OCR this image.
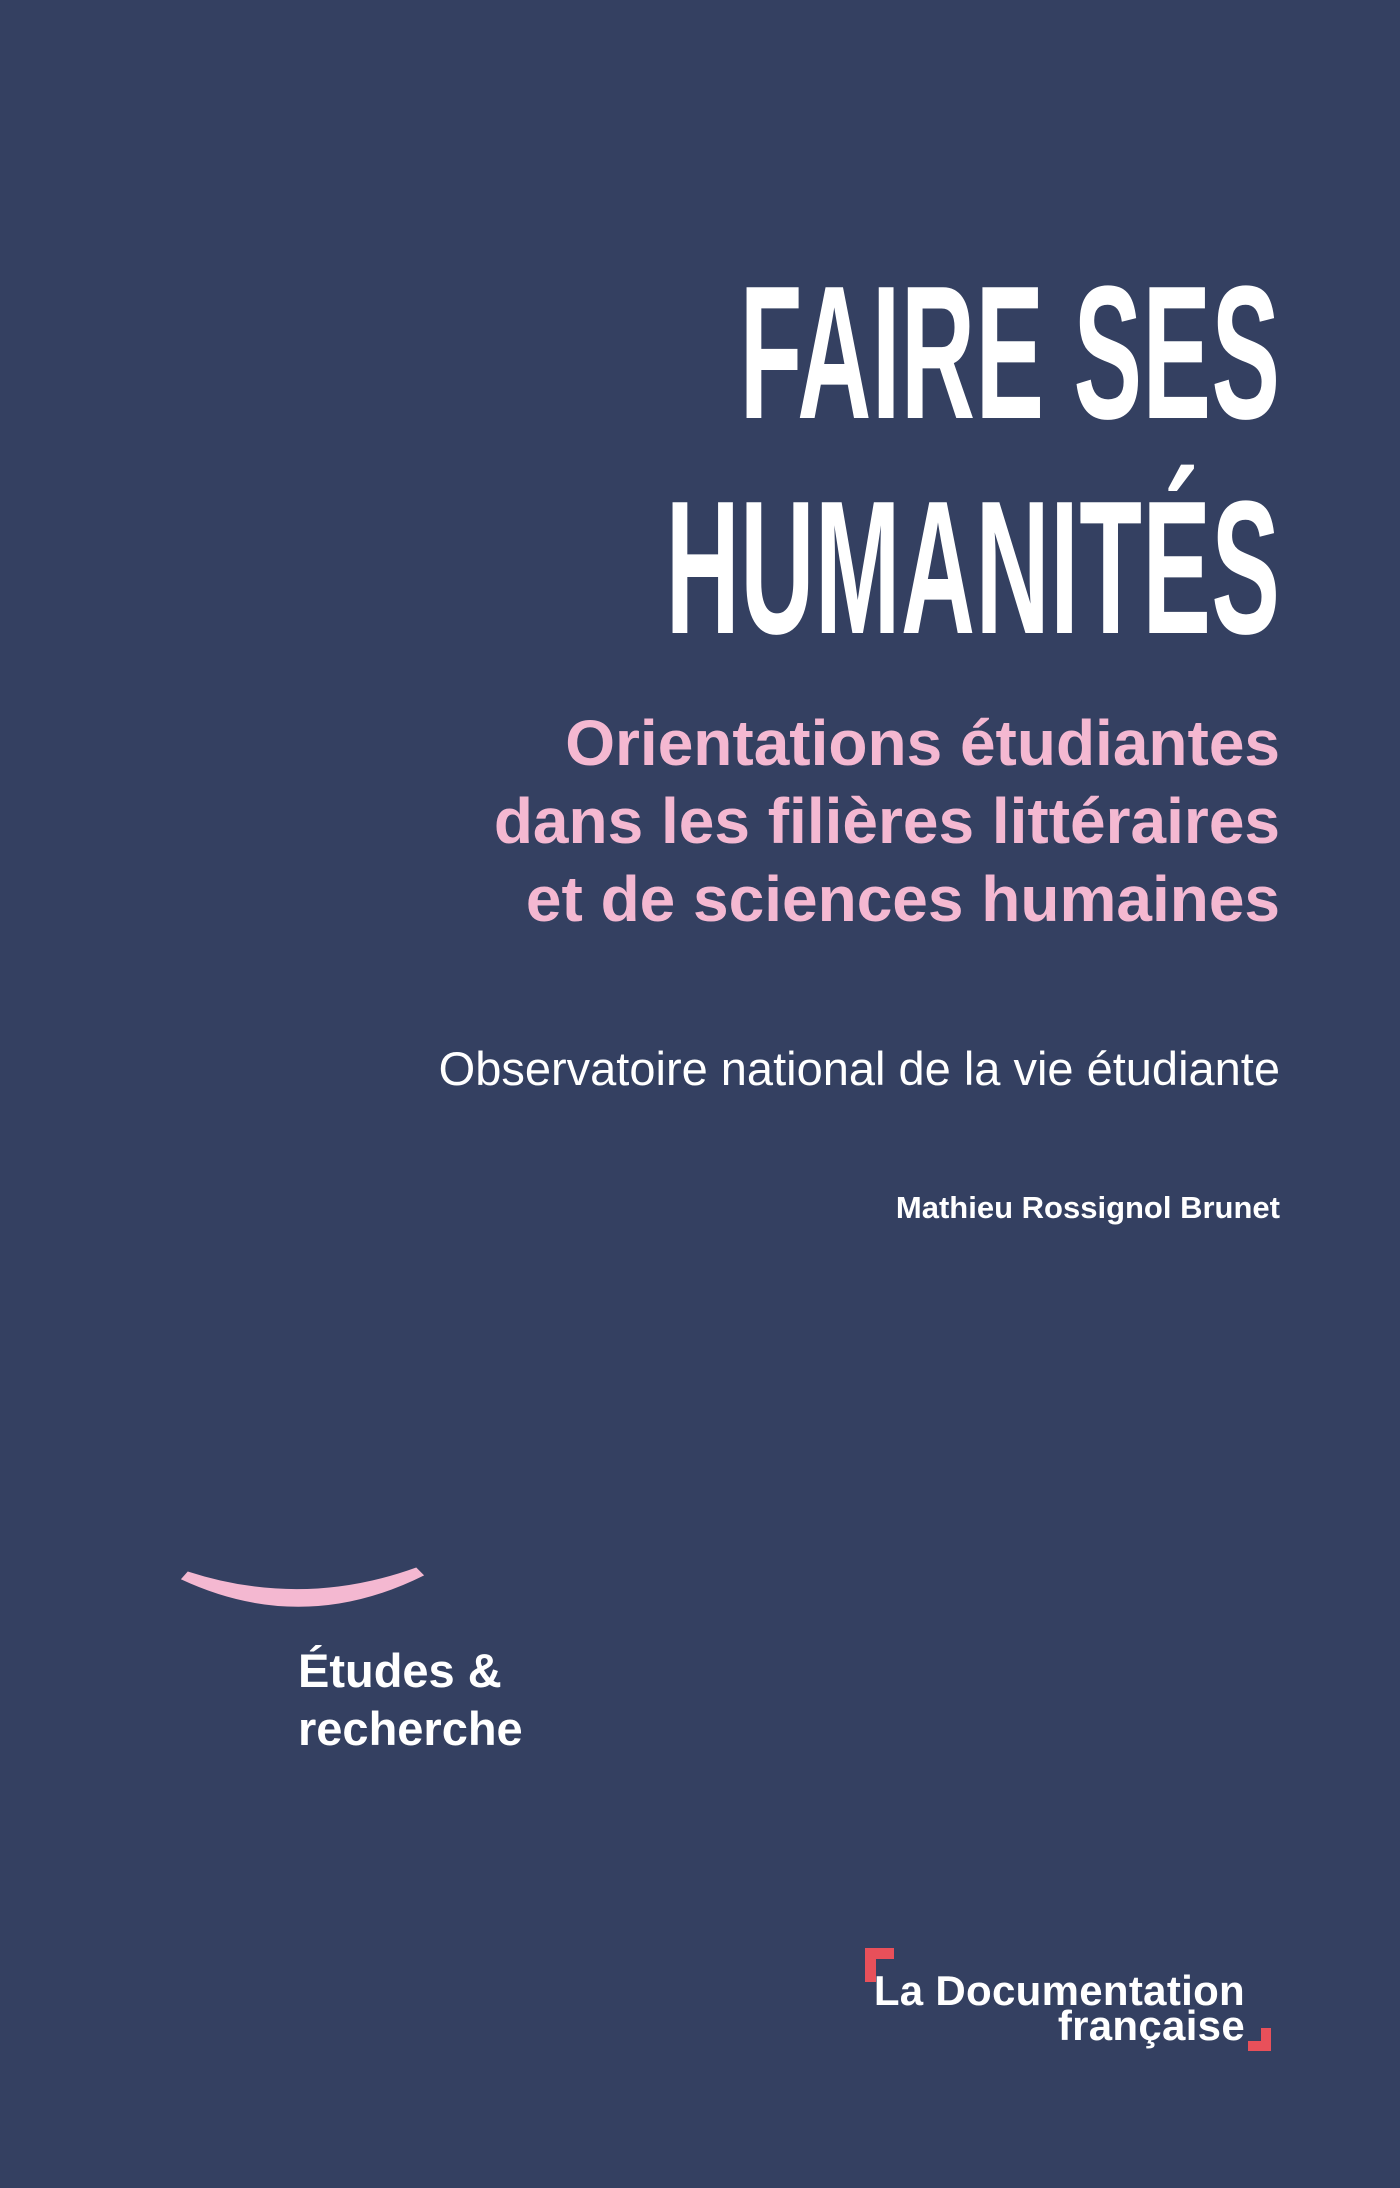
FAIRE SES
HUMANITÉS
Orientations étudiantes
dans les filières littéraires
et de sciences humaines
Observatoire national de la vie étudiante
Mathieu Rossignol Brunet
Études &
recherche
La Documentation
française
